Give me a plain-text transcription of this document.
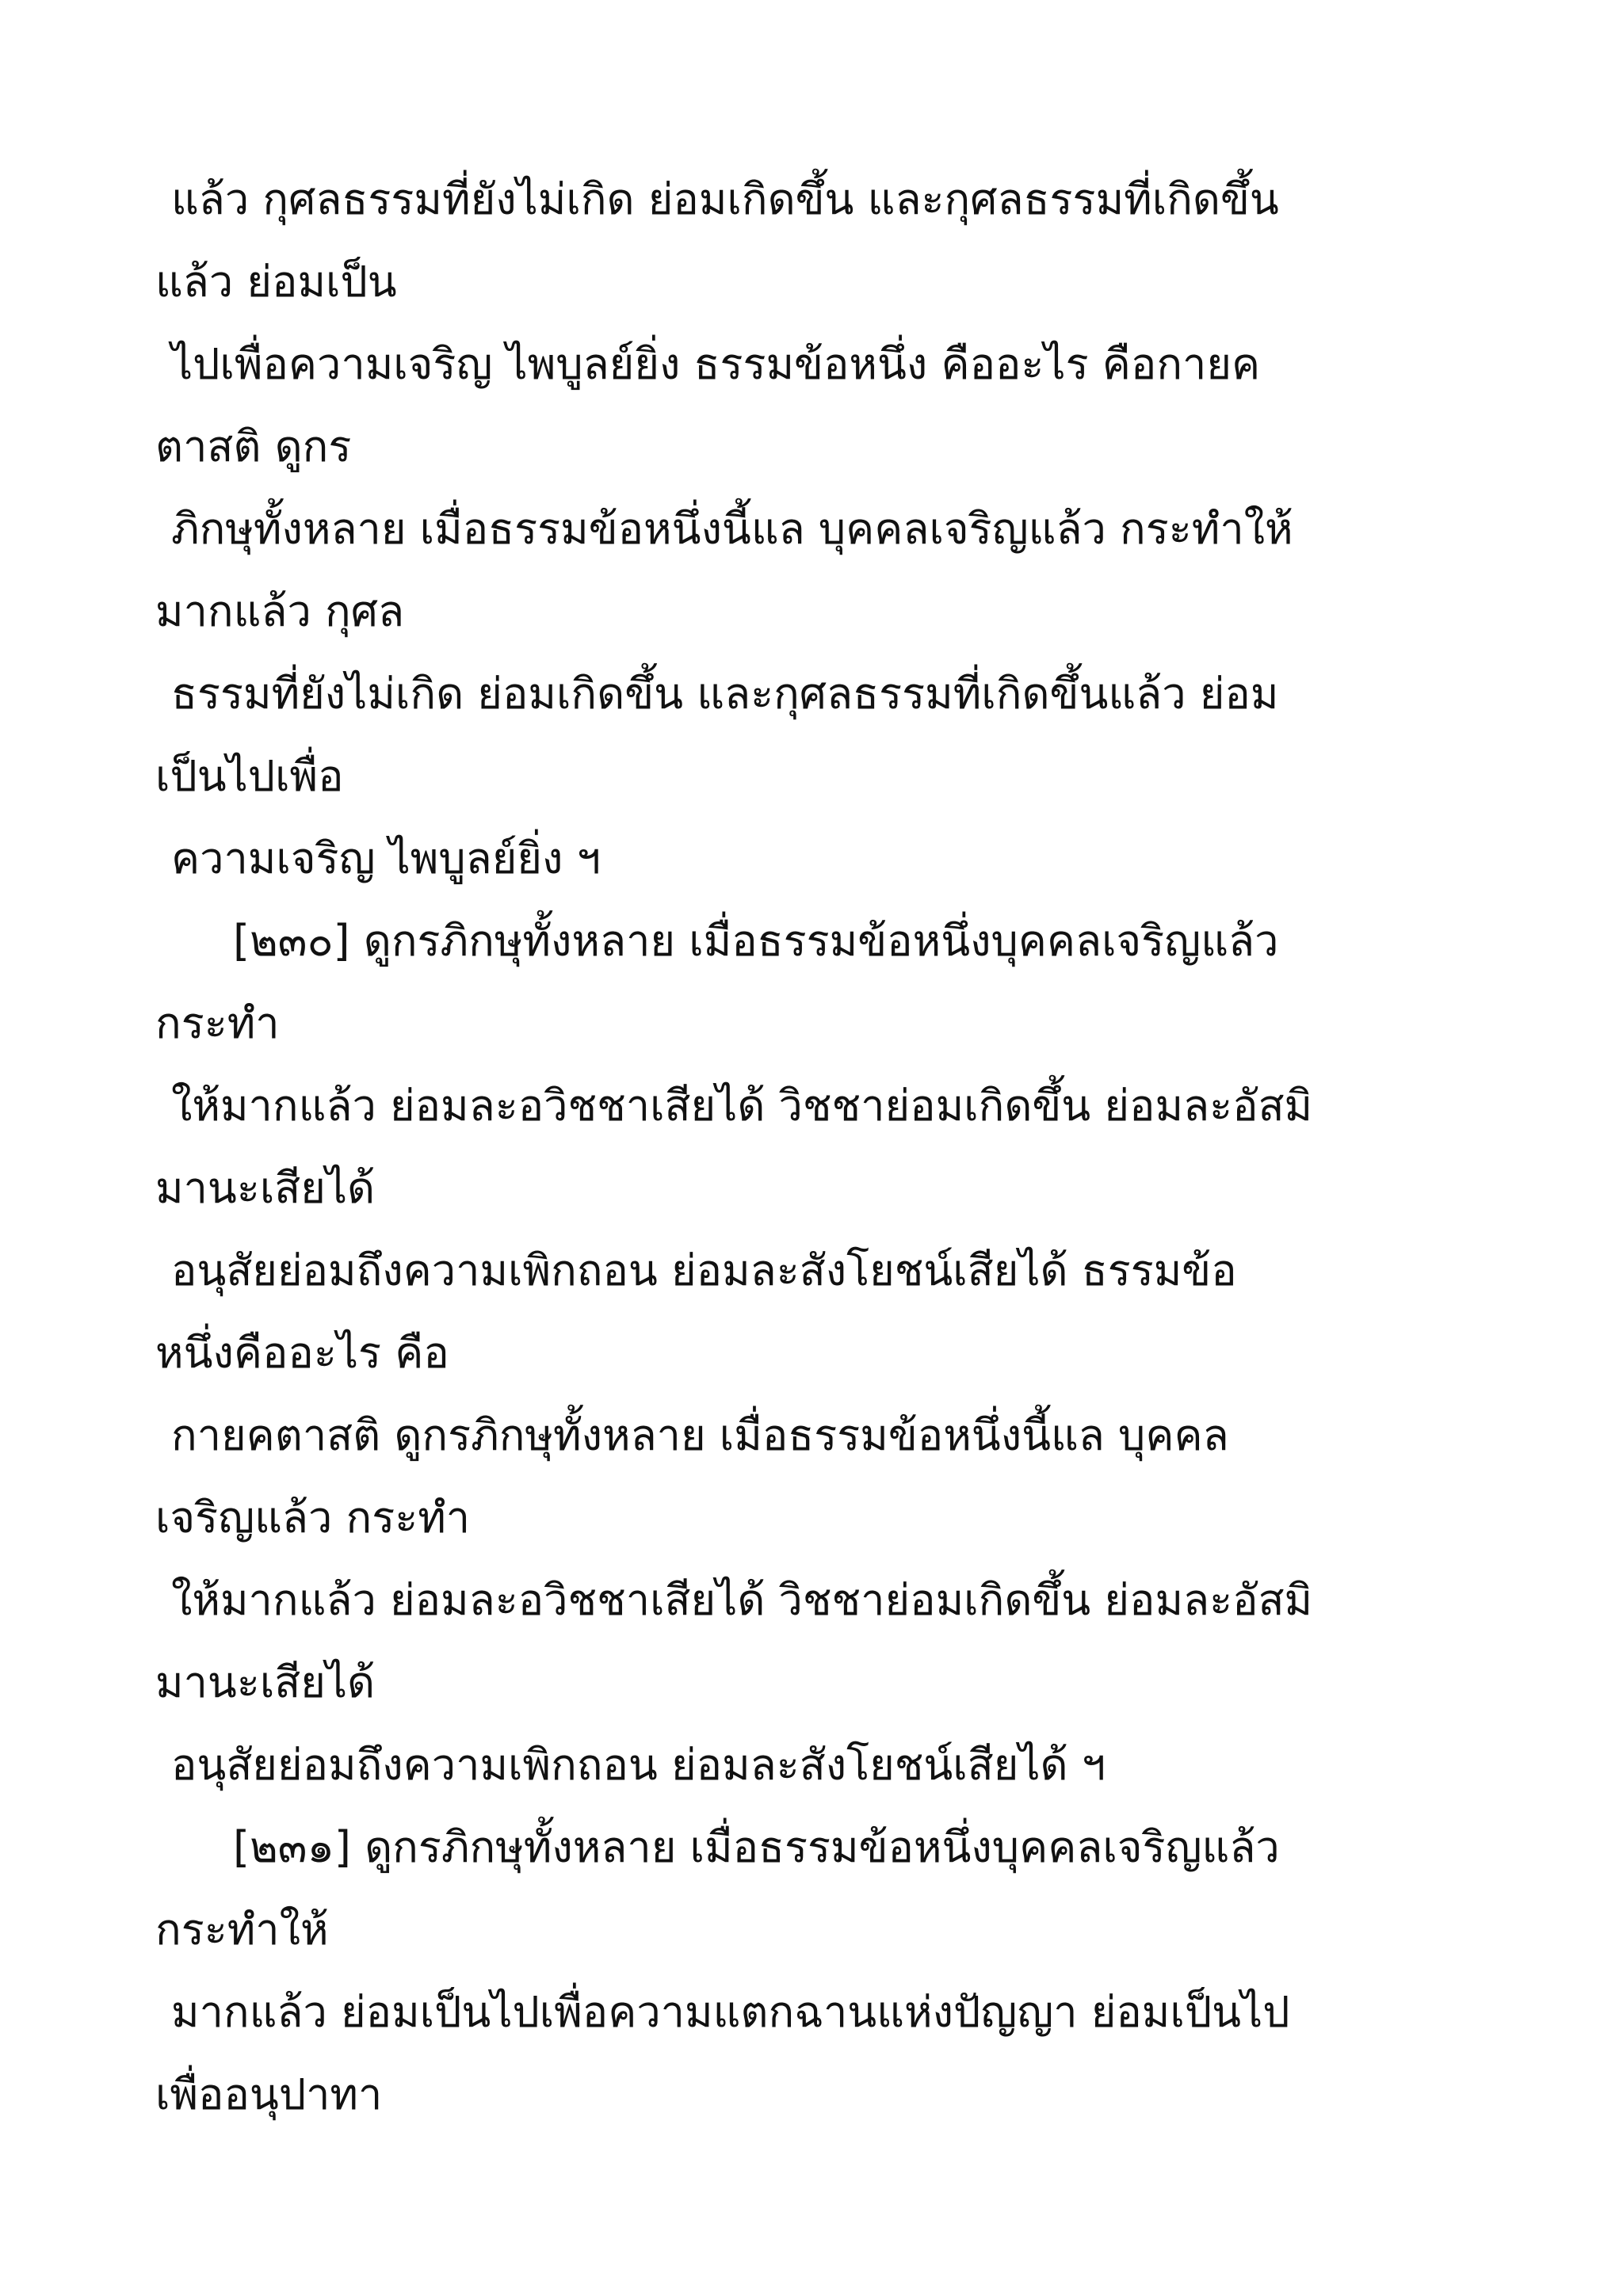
แล้ว กุศลธรรมที่ยังไม่เกิด ย่อมเกิดขึ้น และกุศลธรรมที่เกิดขึ้น
แล้ว ย่อมเป็น
ไปเพื่อความเจริญ ไพบูลย์ยิ่ง ธรรมข้อหนึ่ง คืออะไร คือกายค
ตาสติ ดูกร
ภิกษุทั้งหลาย เมื่อธรรมข้อหนึ่งนี้แล บุคคลเจริญแล้ว กระทำให้
มากแล้ว กุศล
ธรรมที่ยังไม่เกิด ย่อมเกิดขึ้น และกุศลธรรมที่เกิดขึ้นแล้ว ย่อม
เป็นไปเพื่อ
ความเจริญ ไพบูลย์ยิ่ง ฯ
[๒๓๐] ดูกรภิกษุทั้งหลาย เมื่อธรรมข้อหนึ่งบุคคลเจริญแล้ว
กระทำ
ให้มากแล้ว ย่อมละอวิชชาเสียได้ วิชชาย่อมเกิดขึ้น ย่อมละอัสมิ
มานะเสียได้
อนุสัยย่อมถึงความเพิกถอน ย่อมละสังโยชน์เสียได้ ธรรมข้อ
หนึ่งคืออะไร คือ
กายคตาสติ ดูกรภิกษุทั้งหลาย เมื่อธรรมข้อหนึ่งนี้แล บุคคล
เจริญแล้ว กระทำ
ให้มากแล้ว ย่อมละอวิชชาเสียได้ วิชชาย่อมเกิดขึ้น ย่อมละอัสมิ
มานะเสียได้
อนุสัยย่อมถึงความเพิกถอน ย่อมละสังโยชน์เสียได้ ฯ
[๒๓๑] ดูกรภิกษุทั้งหลาย เมื่อธรรมข้อหนึ่งบุคคลเจริญแล้ว
กระทำให้
มากแล้ว ย่อมเป็นไปเพื่อความแตกฉานแห่งปัญญา ย่อมเป็นไป
เพื่ออนุปาทา
